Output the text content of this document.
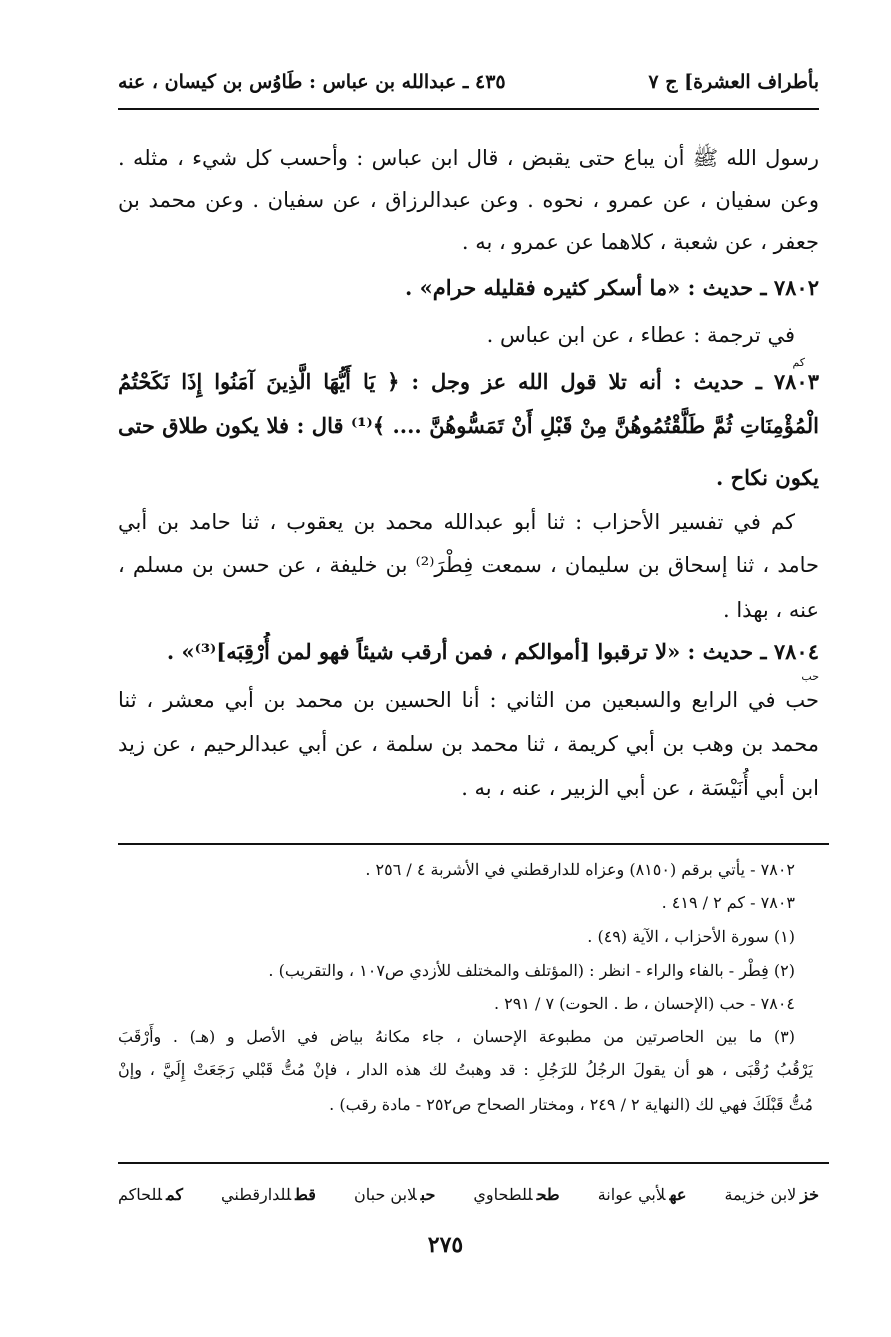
بأطراف العشرة] ج ٧
٤٣٥ ـ عبدالله بن عباس : طَاوُس بن كيسان ، عنه
رسول الله ﷺ أن يباع حتى يقبض ، قال ابن عباس : وأحسب كل شيء ، مثله .
وعن سفيان ، عن عمرو ، نحوه . وعن عبدالرزاق ، عن سفيان . وعن محمد بن
جعفر ، عن شعبة ، كلاهما عن عمرو ، به .
٧٨٠٢ ـ حديث : «ما أسكر كثيره فقليله حرام» .
في ترجمة : عطاء ، عن ابن عباس .
٧٨٠٣ ـ حديث : أنه تلا قول الله عز وجل : ﴿ يَا أَيُّهَا الَّذِينَ آمَنُوا إِذَا نَكَحْتُمُ
الْمُؤْمِنَاتِ ثُمَّ طَلَّقْتُمُوهُنَّ مِنْ قَبْلِ أَنْ تَمَسُّوهُنَّ .... ﴾⁽¹⁾ قال : فلا يكون طلاق حتى
يكون نكاح .
كم في تفسير الأحزاب : ثنا أبو عبدالله محمد بن يعقوب ، ثنا حامد بن أبي
حامد ، ثنا إسحاق بن سليمان ، سمعت فِطْرَ⁽²⁾ بن خليفة ، عن حسن بن مسلم ،
عنه ، بهذا .
٧٨٠٤ ـ حديث : «لا ترقبوا [أموالكم ، فمن أرقب شيئاً فهو لمن أُرْقِبَه]⁽³⁾» .
حب في الرابع والسبعين من الثاني : أنا الحسين بن محمد بن أبي معشر ، ثنا
محمد بن وهب بن أبي كريمة ، ثنا محمد بن سلمة ، عن أبي عبدالرحيم ، عن زيد
ابن أبي أُنَيْسَة ، عن أبي الزبير ، عنه ، به .
كم
حب
٧٨٠٢ - يأتي برقم (٨١٥٠) وعزاه للدارقطني في الأشربة ٤ / ٢٥٦ .
٧٨٠٣ - كم ٢ / ٤١٩ .
(١) سورة الأحزاب ، الآية (٤٩) .
(٢) فِطْر - بالفاء والراء - انظر : (المؤتلف والمختلف للأزدي ص١٠٧ ، والتقريب) .
٧٨٠٤ - حب (الإحسان ، ط . الحوت) ٧ / ٢٩١ .
(٣) ما بين الحاصرتين من مطبوعة الإحسان ، جاء مكانهُ بياض في الأصل و (هـ) . وأَرْقَبَ
يَرْقُبُ رُقْبَى ، هو أن يقولَ الرجُلُ للرَجُلِ : قد وهبتُ لك هذه الدار ، فإنْ مُتُّ قَبْلي رَجَعَتْ إِلَيَّ ، وإنْ
مُتُّ قَبْلَكَ فهي لك (النهاية ٢ / ٢٤٩ ، ومختار الصحاح ص٢٥٢ - مادة رقب) .
خزلابن خزيمة
عهلأبي عوانة
طحللطحاوي
حبلابن حبان
قطللدارقطني
كمللحاكم
٢٧٥
